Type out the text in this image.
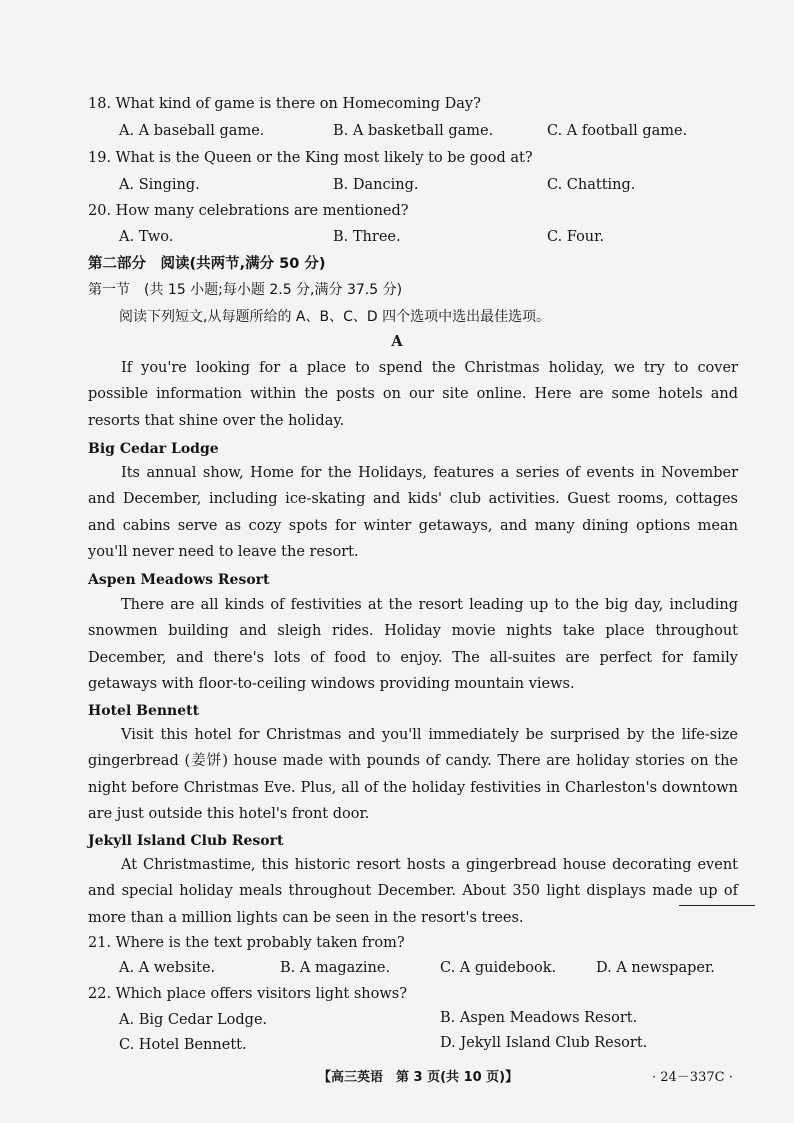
18. What kind of game is there on Homecoming Day?
A. A baseball game.	B. A basketball game.	C. A football game.
19. What is the Queen or the King most likely to be good at?
A. Singing.	B. Dancing.	C. Chatting.
20. How many celebrations are mentioned?
A. Two.	B. Three.	C. Four.
第二部分　阅读(共两节,满分 50 分)
第一节　(共 15 小题;每小题 2.5 分,满分 37.5 分)
阅读下列短文,从每题所给的 A、B、C、D 四个选项中选出最佳选项。
A
If you're looking for a place to spend the Christmas holiday, we try to cover possible information within the posts on our site online. Here are some hotels and resorts that shine over the holiday.
Big Cedar Lodge
Its annual show, Home for the Holidays, features a series of events in November and December, including ice-skating and kids' club activities. Guest rooms, cottages and cabins serve as cozy spots for winter getaways, and many dining options mean you'll never need to leave the resort.
Aspen Meadows Resort
There are all kinds of festivities at the resort leading up to the big day, including snowmen building and sleigh rides. Holiday movie nights take place throughout December, and there's lots of food to enjoy. The all-suites are perfect for family getaways with floor-to-ceiling windows providing mountain views.
Hotel Bennett
Visit this hotel for Christmas and you'll immediately be surprised by the life-size gingerbread (姜饼) house made with pounds of candy. There are holiday stories on the night before Christmas Eve. Plus, all of the holiday festivities in Charleston's downtown are just outside this hotel's front door.
Jekyll Island Club Resort
At Christmastime, this historic resort hosts a gingerbread house decorating event and special holiday meals throughout December. About 350 light displays made up of more than a million lights can be seen in the resort's trees.
21. Where is the text probably taken from?
A. A website.	B. A magazine.	C. A guidebook.	D. A newspaper.
22. Which place offers visitors light shows?
A. Big Cedar Lodge.	B. Aspen Meadows Resort.
C. Hotel Bennett.	D. Jekyll Island Club Resort.
【高三英语　第 3 页(共 10 页)】	· 24－337C ·
